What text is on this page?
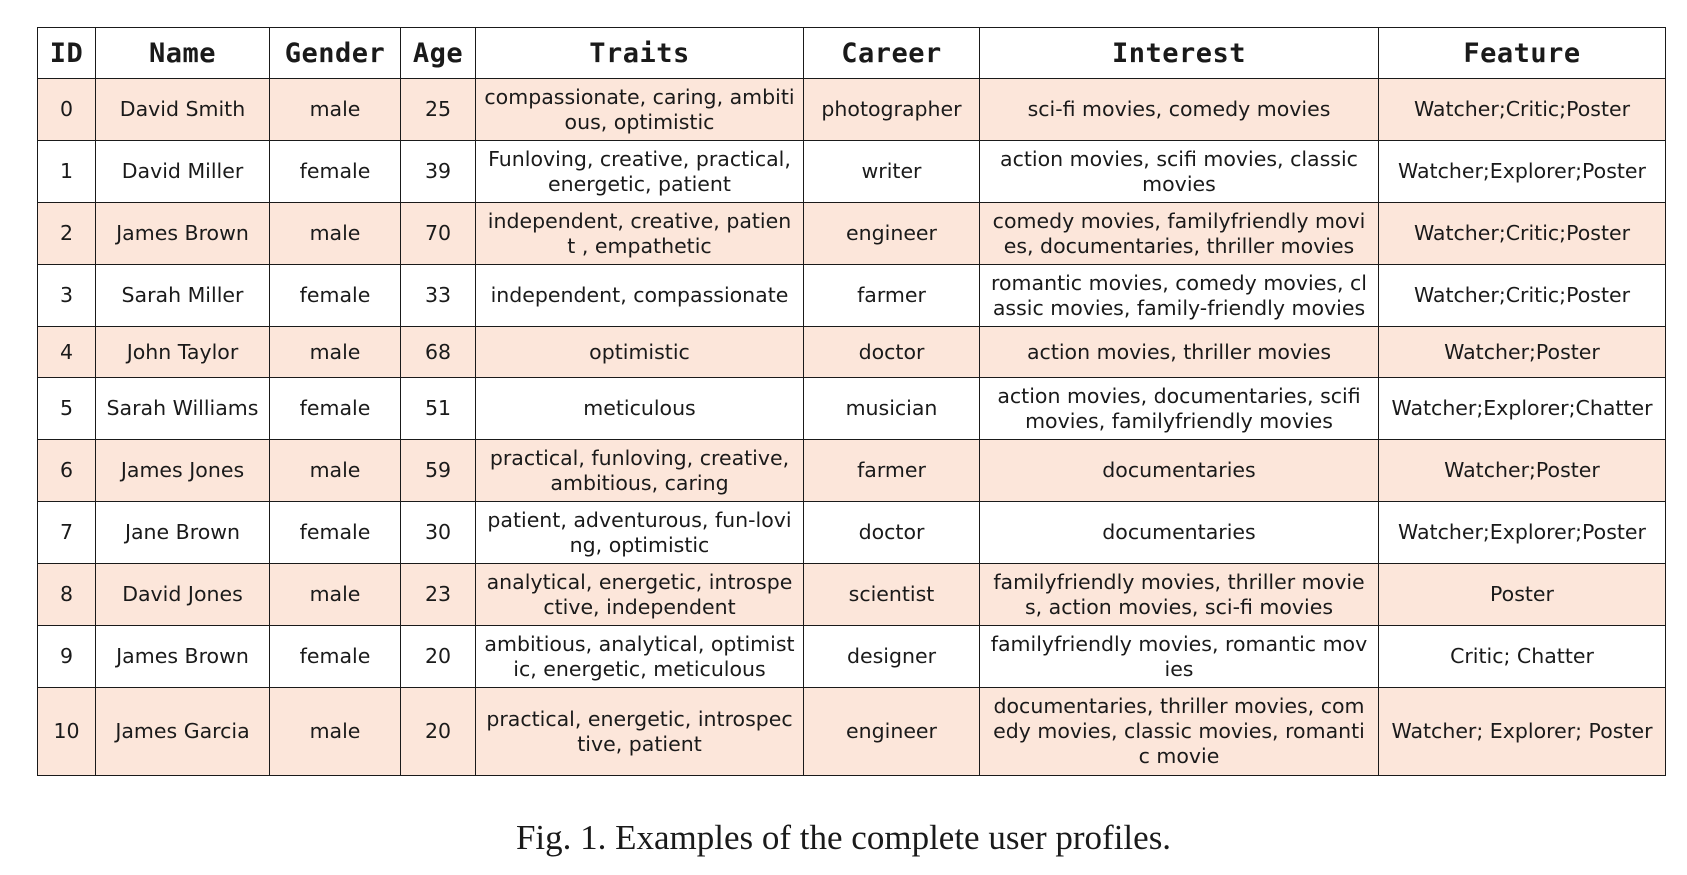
ID	Name	Gender	Age	Traits	Career	Interest	Feature
0	David Smith	male	25	compassionate, caring, ambitious, optimistic	photographer	sci-fi movies, comedy movies	Watcher;Critic;Poster
1	David Miller	female	39	Funloving, creative, practical, energetic, patient	writer	action movies, scifi movies, classic movies	Watcher;Explorer;Poster
2	James Brown	male	70	independent, creative, patient , empathetic	engineer	comedy movies, familyfriendly movies, documentaries, thriller movies	Watcher;Critic;Poster
3	Sarah Miller	female	33	independent, compassionate	farmer	romantic movies, comedy movies, classic movies, family-friendly movies	Watcher;Critic;Poster
4	John Taylor	male	68	optimistic	doctor	action movies, thriller movies	Watcher;Poster
5	Sarah Williams	female	51	meticulous	musician	action movies, documentaries, scifi movies, familyfriendly movies	Watcher;Explorer;Chatter
6	James Jones	male	59	practical, funloving, creative, ambitious, caring	farmer	documentaries	Watcher;Poster
7	Jane Brown	female	30	patient, adventurous, fun-loving, optimistic	doctor	documentaries	Watcher;Explorer;Poster
8	David Jones	male	23	analytical, energetic, introspective, independent	scientist	familyfriendly movies, thriller movies, action movies, sci-fi movies	Poster
9	James Brown	female	20	ambitious, analytical, optimistic, energetic, meticulous	designer	familyfriendly movies, romantic movies	Critic; Chatter
10	James Garcia	male	20	practical, energetic, introspective, patient	engineer	documentaries, thriller movies, comedy movies, classic movies, romantic movie	Watcher; Explorer; Poster
Fig. 1. Examples of the complete user profiles.
